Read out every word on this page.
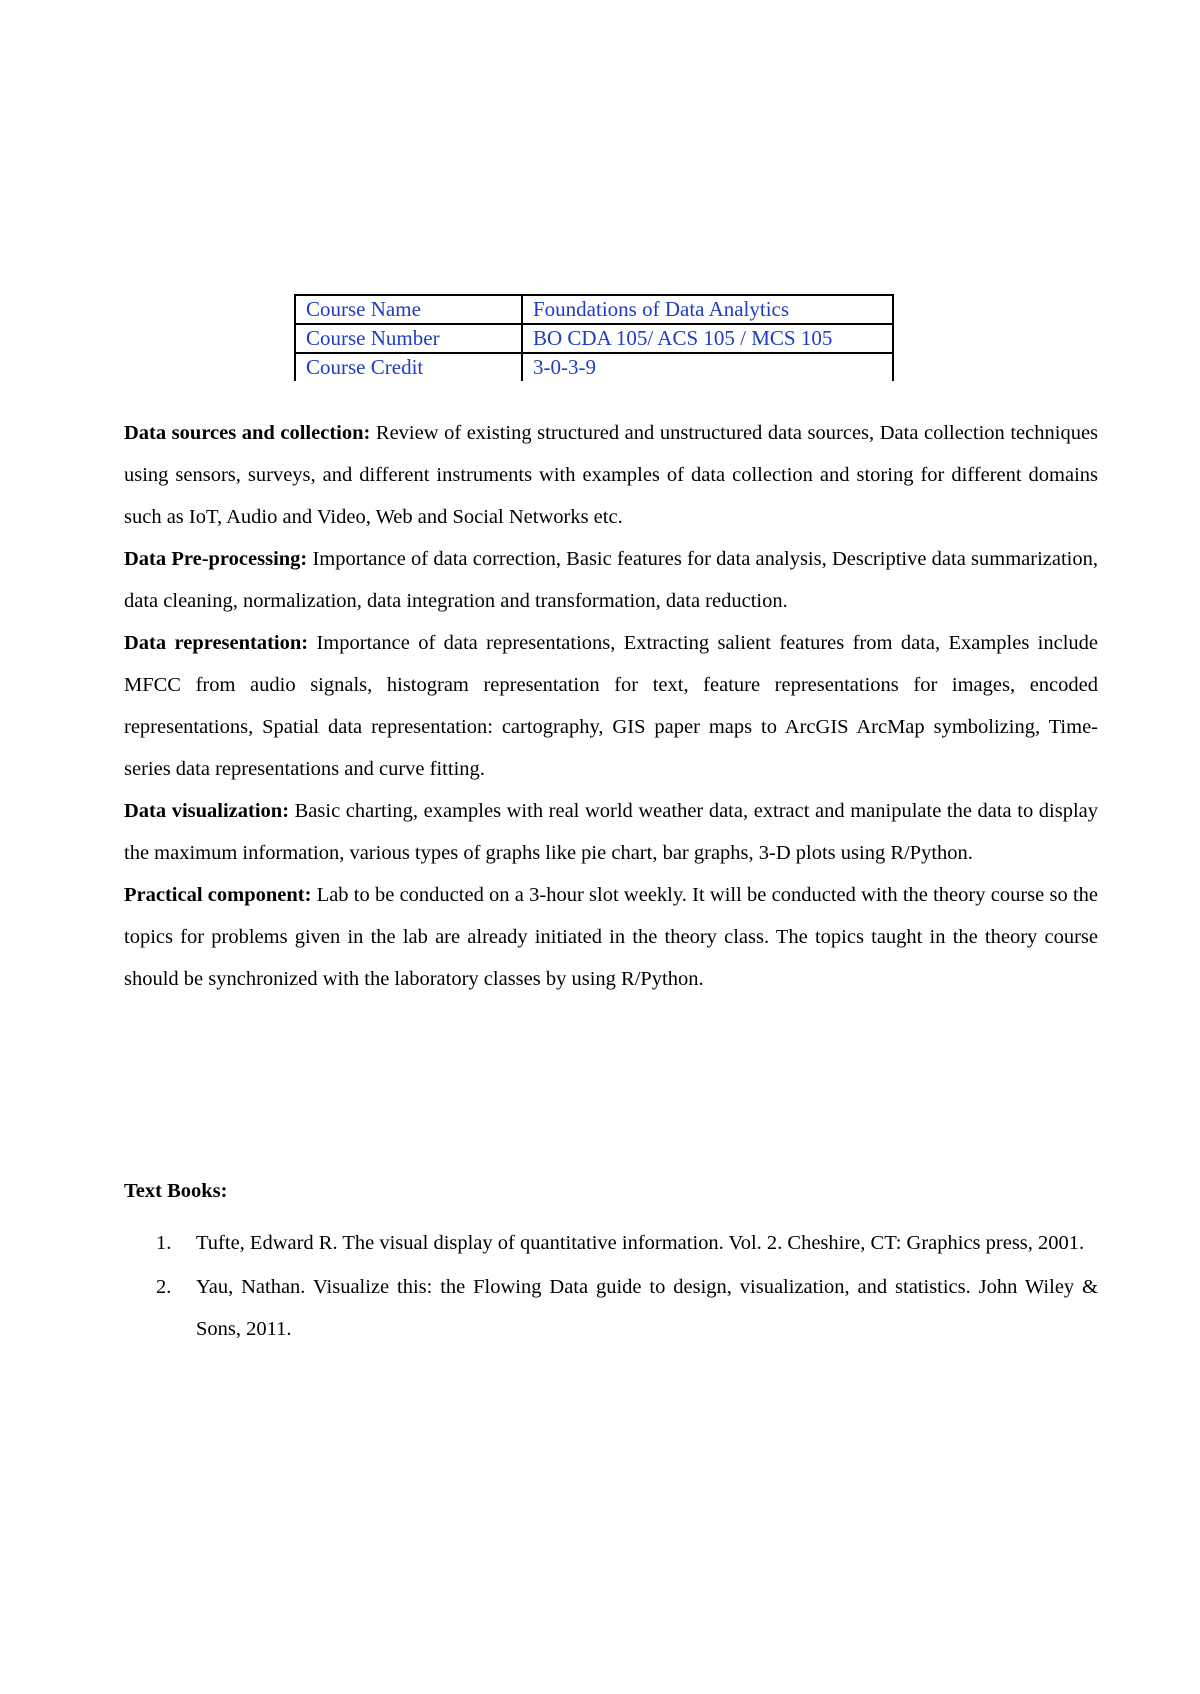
Course Name	Foundations of Data Analytics
Course Number	BO CDA 105/ ACS 105 / MCS 105
Course Credit	3-0-3-9

Data sources and collection: Review of existing structured and unstructured data sources, Data collection techniques using sensors, surveys, and different instruments with examples of data collection and storing for different domains such as IoT, Audio and Video, Web and Social Networks etc.

Data Pre-processing: Importance of data correction, Basic features for data analysis, Descriptive data summarization, data cleaning, normalization, data integration and transformation, data reduction.

Data representation: Importance of data representations, Extracting salient features from data, Examples include MFCC from audio signals, histogram representation for text, feature representations for images, encoded representations, Spatial data representation: cartography, GIS paper maps to ArcGIS ArcMap symbolizing, Time-series data representations and curve fitting.

Data visualization: Basic charting, examples with real world weather data, extract and manipulate the data to display the maximum information, various types of graphs like pie chart, bar graphs, 3-D plots using R/Python.

Practical component: Lab to be conducted on a 3-hour slot weekly. It will be conducted with the theory course so the topics for problems given in the lab are already initiated in the theory class. The topics taught in the theory course should be synchronized with the laboratory classes by using R/Python.

Text Books:

1. Tufte, Edward R. The visual display of quantitative information. Vol. 2. Cheshire, CT: Graphics press, 2001.
2. Yau, Nathan. Visualize this: the Flowing Data guide to design, visualization, and statistics. John Wiley & Sons, 2011.
